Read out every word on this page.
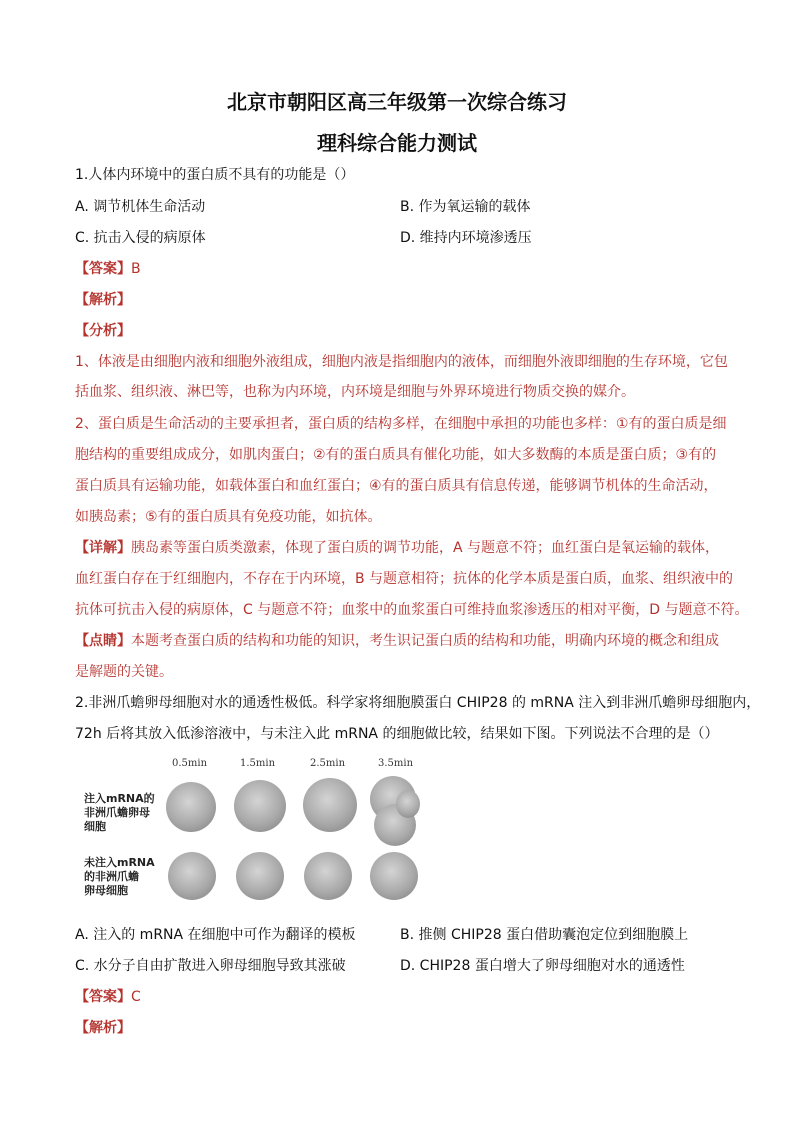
北京市朝阳区高三年级第一次综合练习
理科综合能力测试
1.人体内环境中的蛋白质不具有的功能是（）
A. 调节机体生命活动	B. 作为氧运输的载体
C. 抗击入侵的病原体	D. 维持内环境渗透压
【答案】B
【解析】
【分析】
1、体液是由细胞内液和细胞外液组成，细胞内液是指细胞内的液体，而细胞外液即细胞的生存环境，它包
括血浆、组织液、淋巴等，也称为内环境，内环境是细胞与外界环境进行物质交换的媒介。
2、蛋白质是生命活动的主要承担者，蛋白质的结构多样，在细胞中承担的功能也多样：①有的蛋白质是细
胞结构的重要组成成分，如肌肉蛋白；②有的蛋白质具有催化功能，如大多数酶的本质是蛋白质；③有的
蛋白质具有运输功能，如载体蛋白和血红蛋白；④有的蛋白质具有信息传递，能够调节机体的生命活动，
如胰岛素；⑤有的蛋白质具有免疫功能，如抗体。
【详解】胰岛素等蛋白质类激素，体现了蛋白质的调节功能，A 与题意不符；血红蛋白是氧运输的载体，
血红蛋白存在于红细胞内，不存在于内环境，B 与题意相符；抗体的化学本质是蛋白质，血浆、组织液中的
抗体可抗击入侵的病原体，C 与题意不符；血浆中的血浆蛋白可维持血浆渗透压的相对平衡，D 与题意不符。
【点睛】本题考查蛋白质的结构和功能的知识，考生识记蛋白质的结构和功能，明确内环境的概念和组成
是解题的关键。
2.非洲爪蟾卵母细胞对水的通透性极低。科学家将细胞膜蛋白 CHIP28 的 mRNA 注入到非洲爪蟾卵母细胞内，
72h 后将其放入低渗溶液中，与未注入此 mRNA 的细胞做比较，结果如下图。下列说法不合理的是（）
0.5min	1.5min	2.5min	3.5min
注入mRNA的
非洲爪蟾卵母
细胞
未注入mRNA
的非洲爪蟾
卵母细胞
A. 注入的 mRNA 在细胞中可作为翻译的模板	B. 推侧 CHIP28 蛋白借助囊泡定位到细胞膜上
C. 水分子自由扩散进入卵母细胞导致其涨破	D. CHIP28 蛋白增大了卵母细胞对水的通透性
【答案】C
【解析】
